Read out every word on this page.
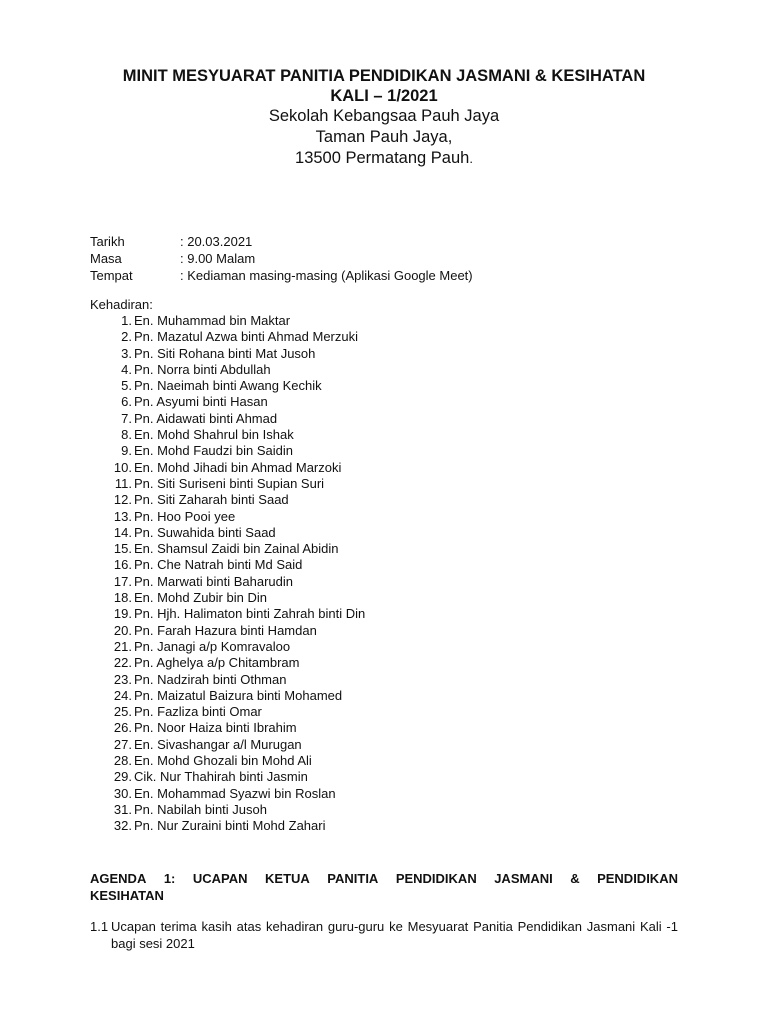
MINIT MESYUARAT PANITIA PENDIDIKAN JASMANI & KESIHATAN

KALI – 1/2021

Sekolah Kebangsaa Pauh Jaya

Taman Pauh Jaya,

13500 Permatang Pauh.

Tarikh	: 20.03.2021
Masa	: 9.00 Malam
Tempat	: Kediaman masing-masing (Aplikasi Google Meet)
Kehadiran:
1. En. Muhammad bin Maktar
2. Pn. Mazatul Azwa binti Ahmad Merzuki
3. Pn. Siti Rohana binti Mat Jusoh
4. Pn. Norra binti Abdullah
5. Pn. Naeimah binti Awang Kechik
6. Pn. Asyumi binti Hasan
7. Pn. Aidawati binti Ahmad
8. En. Mohd Shahrul bin Ishak
9. En. Mohd Faudzi bin Saidin
10. En. Mohd Jihadi bin Ahmad Marzoki
11. Pn. Siti Suriseni binti Supian Suri
12. Pn. Siti Zaharah binti Saad
13. Pn. Hoo Pooi yee
14. Pn. Suwahida binti Saad
15. En. Shamsul Zaidi bin Zainal Abidin
16. Pn. Che Natrah binti Md Said
17. Pn. Marwati binti Baharudin
18. En. Mohd Zubir bin Din
19. Pn. Hjh. Halimaton binti Zahrah binti Din
20. Pn. Farah Hazura binti Hamdan
21. Pn. Janagi a/p Komravaloo
22. Pn. Aghelya a/p Chitambram
23. Pn. Nadzirah binti Othman
24. Pn. Maizatul Baizura binti Mohamed
25. Pn. Fazliza binti Omar
26. Pn. Noor Haiza binti Ibrahim
27. En. Sivashangar a/l Murugan
28. En. Mohd Ghozali bin Mohd Ali
29. Cik. Nur Thahirah binti Jasmin
30. En. Mohammad Syazwi bin Roslan
31. Pn. Nabilah binti Jusoh
32. Pn. Nur Zuraini binti Mohd Zahari
AGENDA 1: UCAPAN KETUA PANITIA PENDIDIKAN JASMANI & PENDIDIKAN
KESIHATAN
1.1 Ucapan terima kasih atas kehadiran guru-guru ke Mesyuarat Panitia Pendidikan Jasmani Kali -1 bagi sesi 2021
